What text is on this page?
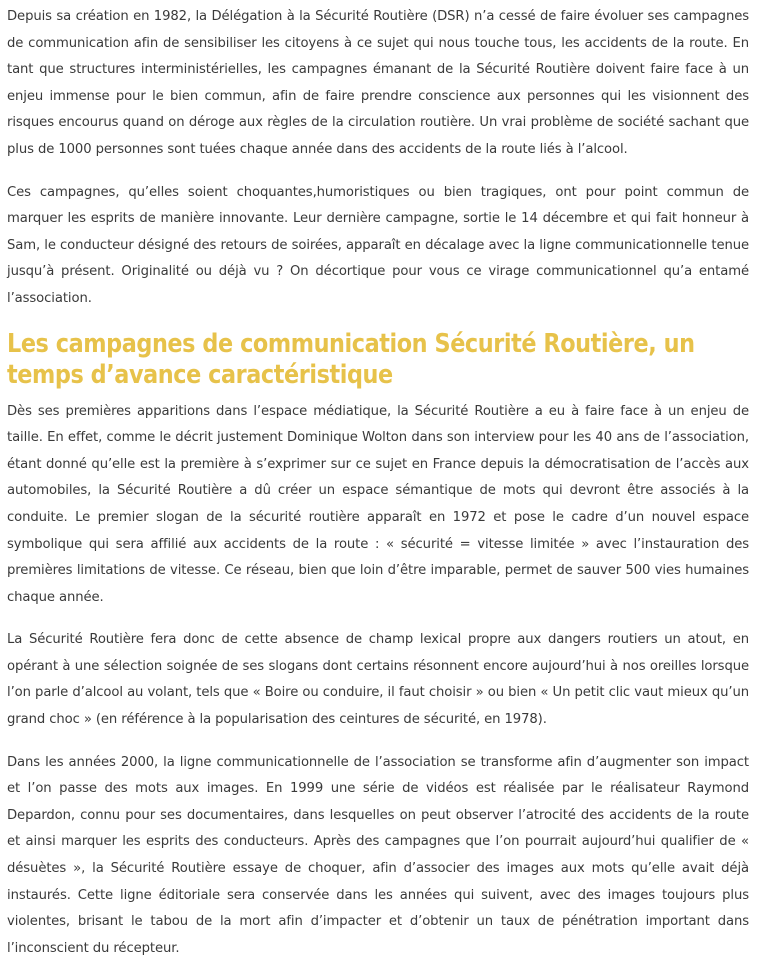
Depuis sa création en 1982, la Délégation à la Sécurité Routière (DSR) n’a cessé de faire évoluer ses campagnes de communication afin de sensibiliser les citoyens à ce sujet qui nous touche tous, les accidents de la route. En tant que structures interministérielles, les campagnes émanant de la Sécurité Routière doivent faire face à un enjeu immense pour le bien commun, afin de faire prendre conscience aux personnes qui les visionnent des risques encourus quand on déroge aux règles de la circulation routière. Un vrai problème de société sachant que plus de 1000 personnes sont tuées chaque année dans des accidents de la route liés à l’alcool.

Ces campagnes, qu’elles soient choquantes,humoristiques ou bien tragiques, ont pour point commun de marquer les esprits de manière innovante. Leur dernière campagne, sortie le 14 décembre et qui fait honneur à Sam, le conducteur désigné des retours de soirées, apparaît en décalage avec la ligne communicationnelle tenue jusqu’à présent. Originalité ou déjà vu ? On décortique pour vous ce virage communicationnel qu’a entamé l’association.

Les campagnes de communication Sécurité Routière, un temps d’avance caractéristique

Dès ses premières apparitions dans l’espace médiatique, la Sécurité Routière a eu à faire face à un enjeu de taille. En effet, comme le décrit justement Dominique Wolton dans son interview pour les 40 ans de l’association, étant donné qu’elle est la première à s’exprimer sur ce sujet en France depuis la démocratisation de l’accès aux automobiles, la Sécurité Routière a dû créer un espace sémantique de mots qui devront être associés à la conduite. Le premier slogan de la sécurité routière apparaît en 1972 et pose le cadre d’un nouvel espace symbolique qui sera affilié aux accidents de la route : « sécurité = vitesse limitée » avec l’instauration des premières limitations de vitesse. Ce réseau, bien que loin d’être imparable, permet de sauver 500 vies humaines chaque année.

La Sécurité Routière fera donc de cette absence de champ lexical propre aux dangers routiers un atout, en opérant à une sélection soignée de ses slogans dont certains résonnent encore aujourd’hui à nos oreilles lorsque l’on parle d’alcool au volant, tels que « Boire ou conduire, il faut choisir » ou bien « Un petit clic vaut mieux qu’un grand choc » (en référence à la popularisation des ceintures de sécurité, en 1978).

Dans les années 2000, la ligne communicationnelle de l’association se transforme afin d’augmenter son impact et l’on passe des mots aux images. En 1999 une série de vidéos est réalisée par le réalisateur Raymond Depardon, connu pour ses documentaires, dans lesquelles on peut observer l’atrocité des accidents de la route et ainsi marquer les esprits des conducteurs. Après des campagnes que l’on pourrait aujourd’hui qualifier de « désuètes », la Sécurité Routière essaye de choquer, afin d’associer des images aux mots qu’elle avait déjà instaurés. Cette ligne éditoriale sera conservée dans les années qui suivent, avec des images toujours plus violentes, brisant le tabou de la mort afin d’impacter et d’obtenir un taux de pénétration important dans l’inconscient du récepteur.
